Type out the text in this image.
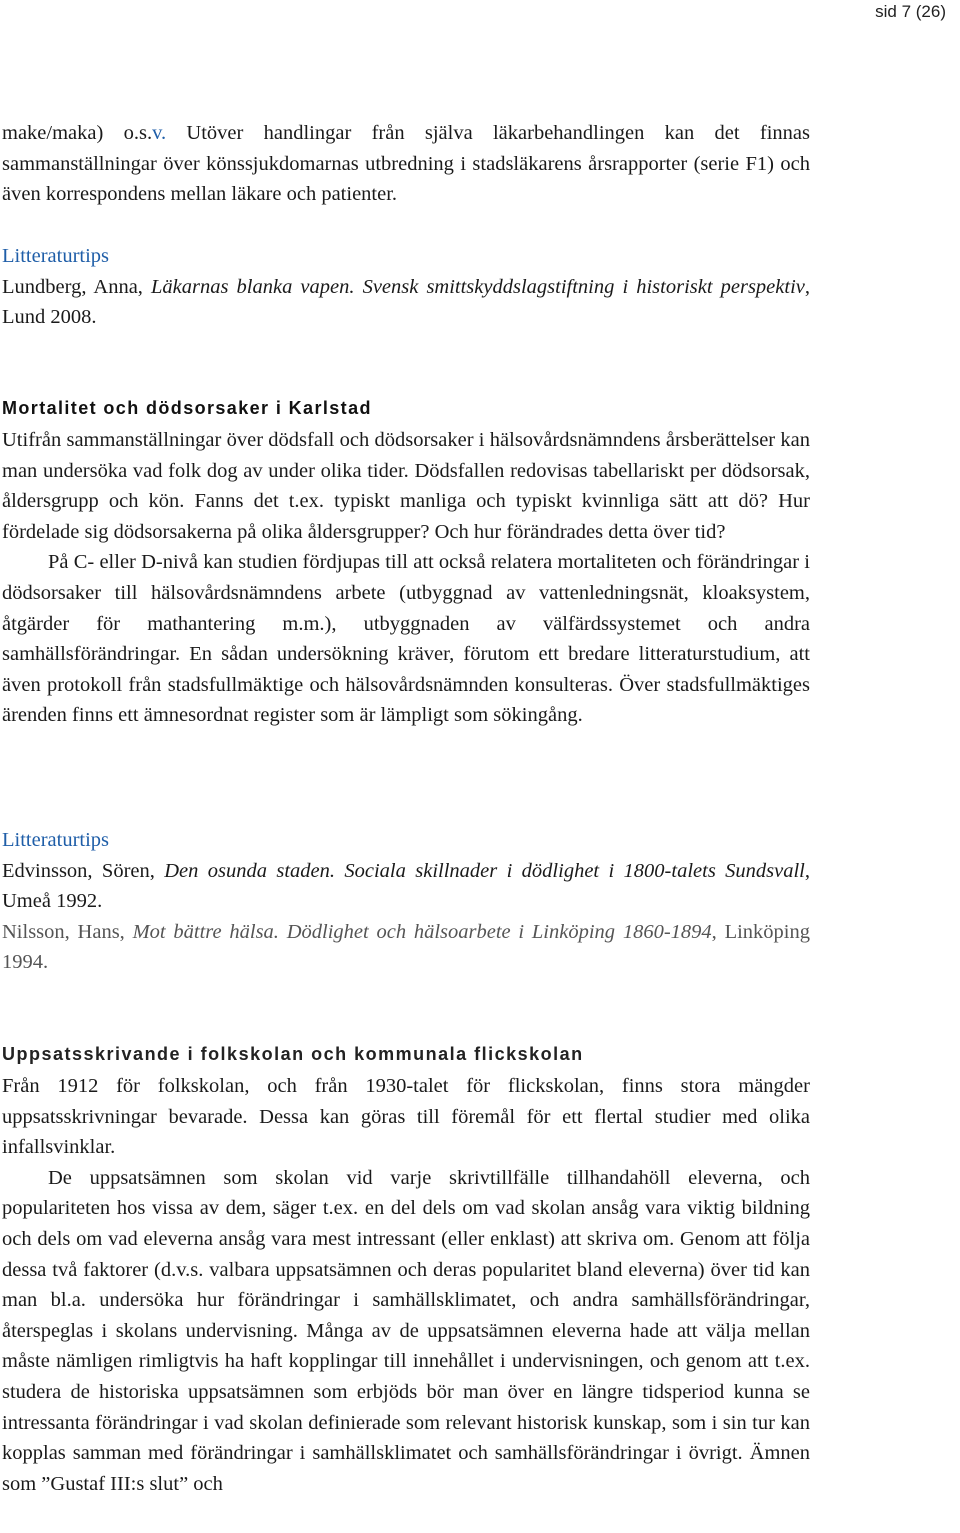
sid 7 (26)

make/maka) o.s.v. Utöver handlingar från själva läkarbehandlingen kan det finnas sammanställningar över könssjukdomarnas utbredning i stadsläkarens årsrapporter (serie F1) och även korrespondens mellan läkare och patienter.

Litteraturtips

Lundberg, Anna, Läkarnas blanka vapen. Svensk smittskyddslagstiftning i historiskt perspektiv, Lund 2008.

Mortalitet och dödsorsaker i Karlstad

Utifrån sammanställningar över dödsfall och dödsorsaker i hälsovårdsnämndens årsberättelser kan man undersöka vad folk dog av under olika tider. Dödsfallen redovisas tabellariskt per dödsorsak, åldersgrupp och kön. Fanns det t.ex. typiskt manliga och typiskt kvinnliga sätt att dö? Hur fördelade sig dödsorsakerna på olika åldersgrupper? Och hur förändrades detta över tid?

På C- eller D-nivå kan studien fördjupas till att också relatera mortaliteten och förändringar i dödsorsaker till hälsovårdsnämndens arbete (utbyggnad av vattenledningsnät, kloaksystem, åtgärder för mathantering m.m.), utbyggnaden av välfärdssystemet och andra samhällsförändringar. En sådan undersökning kräver, förutom ett bredare litteraturstudium, att även protokoll från stadsfullmäktige och hälsovårdsnämnden konsulteras. Över stadsfullmäktiges ärenden finns ett ämnesordnat register som är lämpligt som sökingång.

Litteraturtips

Edvinsson, Sören, Den osunda staden. Sociala skillnader i dödlighet i 1800-talets Sundsvall, Umeå 1992.

Nilsson, Hans, Mot bättre hälsa. Dödlighet och hälsoarbete i Linköping 1860-1894, Linköping 1994.

Uppsatsskrivande i folkskolan och kommunala flickskolan

Från 1912 för folkskolan, och från 1930-talet för flickskolan, finns stora mängder uppsatsskrivningar bevarade. Dessa kan göras till föremål för ett flertal studier med olika infallsvinklar.

De uppsatsämnen som skolan vid varje skrivtillfälle tillhandahöll eleverna, och populariteten hos vissa av dem, säger t.ex. en del dels om vad skolan ansåg vara viktig bildning och dels om vad eleverna ansåg vara mest intressant (eller enklast) att skriva om. Genom att följa dessa två faktorer (d.v.s. valbara uppsatsämnen och deras popularitet bland eleverna) över tid kan man bl.a. undersöka hur förändringar i samhällsklimatet, och andra samhällsförändringar, återspeglas i skolans undervisning. Många av de uppsatsämnen eleverna hade att välja mellan måste nämligen rimligtvis ha haft kopplingar till innehållet i undervisningen, och genom att t.ex. studera de historiska uppsatsämnen som erbjöds bör man över en längre tidsperiod kunna se intressanta förändringar i vad skolan definierade som relevant historisk kunskap, som i sin tur kan kopplas samman med förändringar i samhällsklimatet och samhällsförändringar i övrigt. Ämnen som ”Gustaf III:s slut” och
